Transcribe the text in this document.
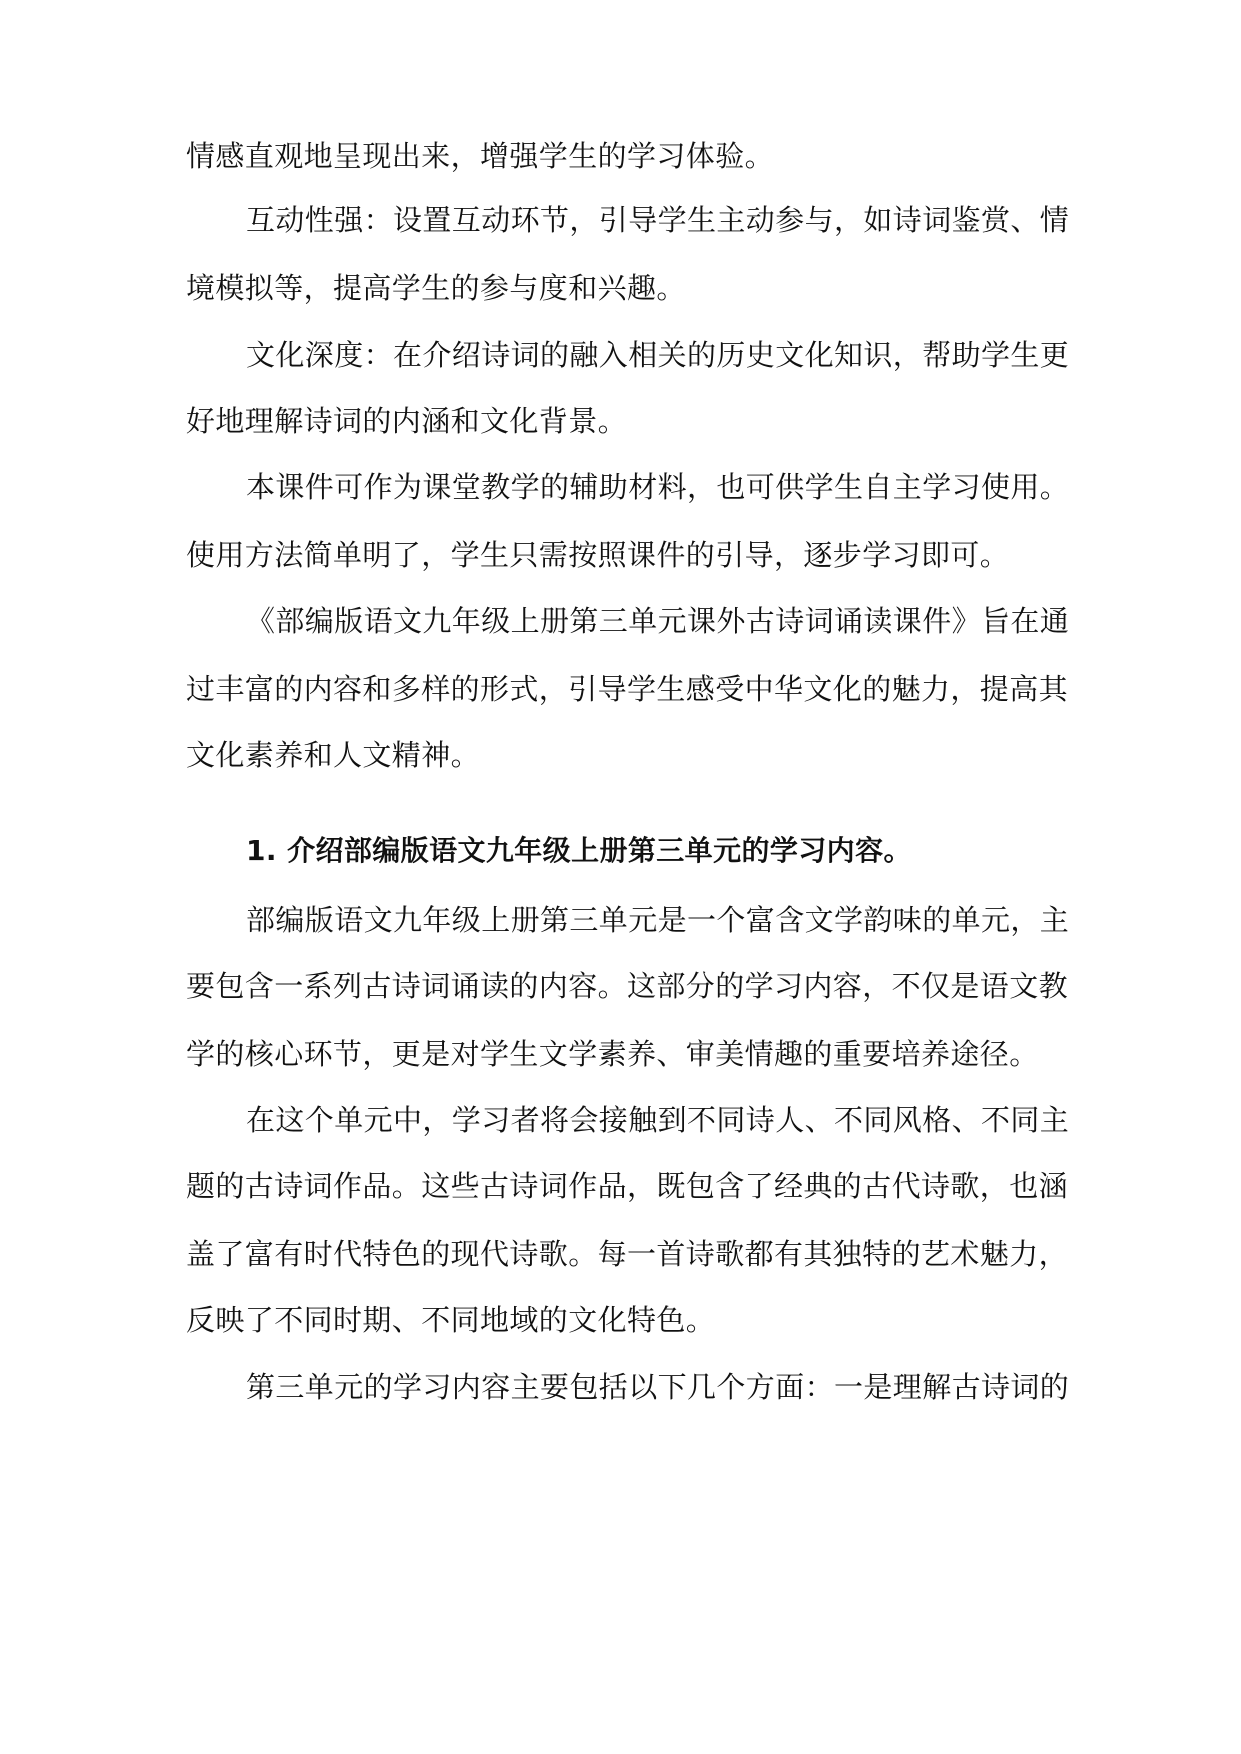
情感直观地呈现出来，增强学生的学习体验。
互动性强：设置互动环节，引导学生主动参与，如诗词鉴赏、情
境模拟等，提高学生的参与度和兴趣。
文化深度：在介绍诗词的融入相关的历史文化知识，帮助学生更
好地理解诗词的内涵和文化背景。
本课件可作为课堂教学的辅助材料，也可供学生自主学习使用。
使用方法简单明了，学生只需按照课件的引导，逐步学习即可。
《部编版语文九年级上册第三单元课外古诗词诵读课件》旨在通
过丰富的内容和多样的形式，引导学生感受中华文化的魅力，提高其
文化素养和人文精神。
1. 介绍部编版语文九年级上册第三单元的学习内容。
部编版语文九年级上册第三单元是一个富含文学韵味的单元，主
要包含一系列古诗词诵读的内容。这部分的学习内容，不仅是语文教
学的核心环节，更是对学生文学素养、审美情趣的重要培养途径。
在这个单元中，学习者将会接触到不同诗人、不同风格、不同主
题的古诗词作品。这些古诗词作品，既包含了经典的古代诗歌，也涵
盖了富有时代特色的现代诗歌。每一首诗歌都有其独特的艺术魅力，
反映了不同时期、不同地域的文化特色。
第三单元的学习内容主要包括以下几个方面：一是理解古诗词的
